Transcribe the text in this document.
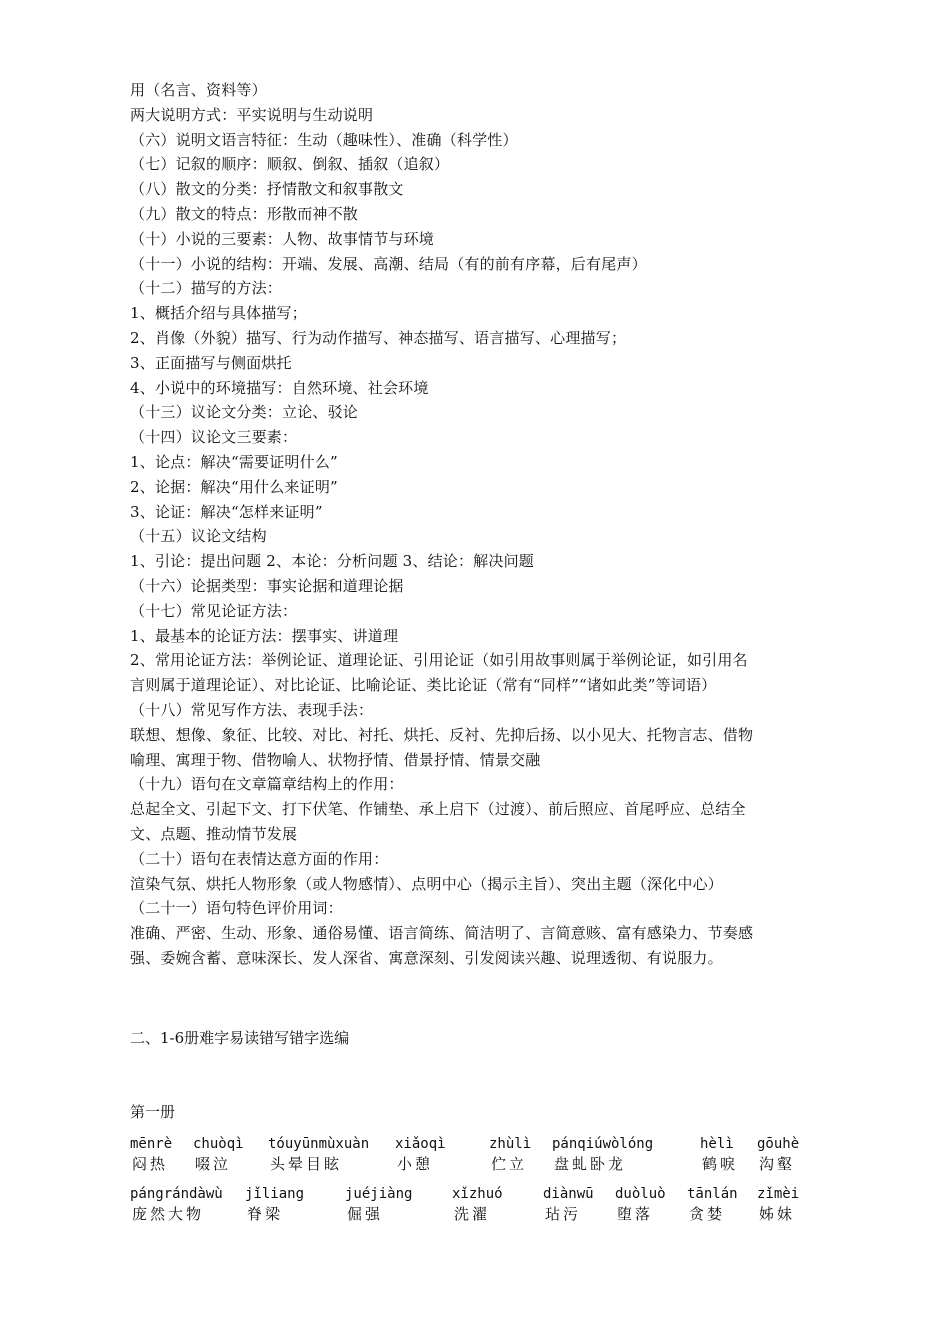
用（名言、资料等）
两大说明方式：平实说明与生动说明
（六）说明文语言特征：生动（趣味性）、准确（科学性）
（七）记叙的顺序：顺叙、倒叙、插叙（追叙）
（八）散文的分类：抒情散文和叙事散文
（九）散文的特点：形散而神不散
（十）小说的三要素：人物、故事情节与环境
（十一）小说的结构：开端、发展、高潮、结局（有的前有序幕，后有尾声）
（十二）描写的方法：
1、概括介绍与具体描写；
2、肖像（外貌）描写、行为动作描写、神态描写、语言描写、心理描写；
3、正面描写与侧面烘托
4、小说中的环境描写：自然环境、社会环境
（十三）议论文分类：立论、驳论
（十四）议论文三要素：
1、论点：解决“需要证明什么”
2、论据：解决“用什么来证明”
3、论证：解决“怎样来证明”
（十五）议论文结构
1、引论：提出问题 2、本论：分析问题 3、结论：解决问题
（十六）论据类型：事实论据和道理论据
（十七）常见论证方法：
1、最基本的论证方法：摆事实、讲道理
2、常用论证方法：举例论证、道理论证、引用论证（如引用故事则属于举例论证，如引用名
言则属于道理论证）、对比论证、比喻论证、类比论证（常有“同样”“诸如此类”等词语）
（十八）常见写作方法、表现手法：
联想、想像、象征、比较、对比、衬托、烘托、反衬、先抑后扬、以小见大、托物言志、借物
喻理、寓理于物、借物喻人、状物抒情、借景抒情、情景交融
（十九）语句在文章篇章结构上的作用：
总起全文、引起下文、打下伏笔、作铺垫、承上启下（过渡）、前后照应、首尾呼应、总结全
文、点题、推动情节发展
（二十）语句在表情达意方面的作用：
渲染气氛、烘托人物形象（或人物感情）、点明中心（揭示主旨）、突出主题（深化中心）
（二十一）语句特色评价用词：
准确、严密、生动、形象、通俗易懂、语言简练、简洁明了、言简意赅、富有感染力、节奏感
强、委婉含蓄、意味深长、发人深省、寓意深刻、引发阅读兴趣、说理透彻、有说服力。
二、1-6册难字易读错写错字选编
第一册
mēnrè
闷热
chuòqì
啜泣
tóuyūnmùxuàn
头晕目眩
xiǎoqì
小憩
zhùlì
伫立
pánqiúwòlóng
盘虬卧龙
hèlì
鹤唳
gōuhè
沟壑
pángrándàwù
庞然大物
jǐliang
脊梁
juéjiàng
倔强
xǐzhuó
洗濯
diànwū
玷污
duòluò
堕落
tānlán
贪婪
zǐmèi
姊妹
